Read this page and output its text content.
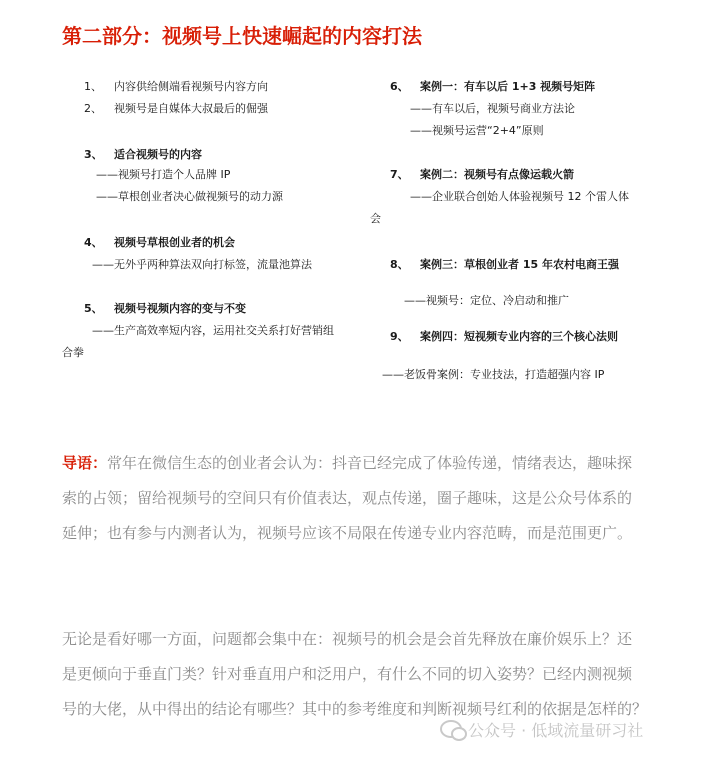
第二部分：视频号上快速崛起的内容打法
1、 内容供给侧端看视频号内容方向
2、 视频号是自媒体大叔最后的倔强
3、 适合视频号的内容
——视频号打造个人品牌 IP
——草根创业者决心做视频号的动力源
4、 视频号草根创业者的机会
——无外乎两种算法双向打标签，流量池算法
5、 视频号视频内容的变与不变
——生产高效率短内容，运用社交关系打好营销组
合拳
6、 案例一：有车以后 1+3 视频号矩阵
——有车以后，视频号商业方法论
——视频号运营“2+4”原则
7、 案例二：视频号有点像运载火箭
——企业联合创始人体验视频号 12 个雷人体
会
8、 案例三：草根创业者 15 年农村电商王强
——视频号：定位、冷启动和推广
9、 案例四：短视频专业内容的三个核心法则
——老饭骨案例：专业技法，打造超强内容 IP
导语：常年在微信生态的创业者会认为：抖音已经完成了体验传递，情绪表达，趣味探
索的占领；留给视频号的空间只有价值表达，观点传递，圈子趣味，这是公众号体系的
延伸；也有参与内测者认为，视频号应该不局限在传递专业内容范畴，而是范围更广。
无论是看好哪一方面，问题都会集中在：视频号的机会是会首先释放在廉价娱乐上？还
是更倾向于垂直门类？针对垂直用户和泛用户，有什么不同的切入姿势？已经内测视频
号的大佬，从中得出的结论有哪些？其中的参考维度和判断视频号红利的依据是怎样的？
公众号 · 低域流量研习社
